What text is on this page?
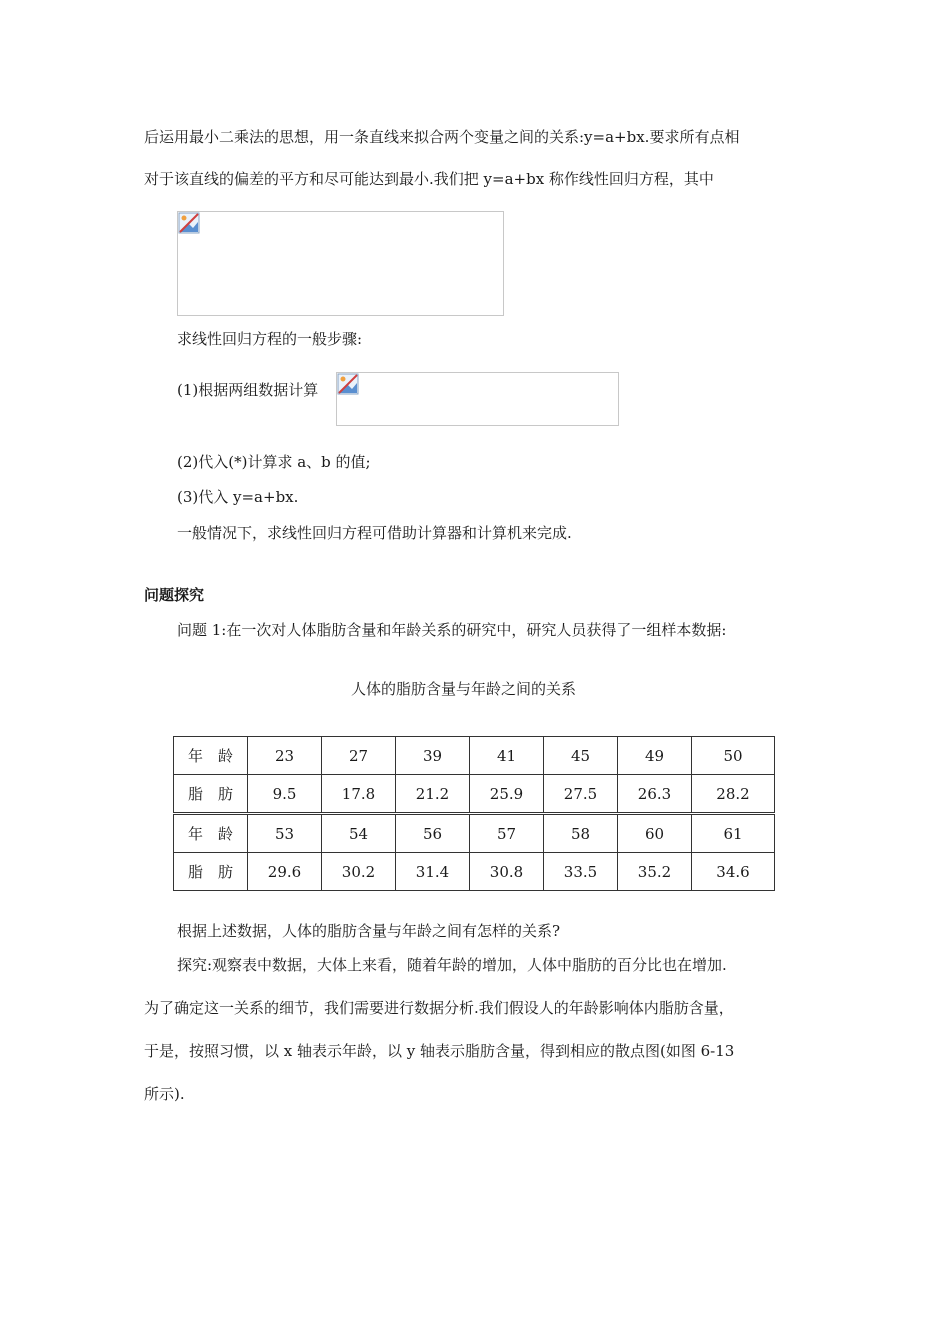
后运用最小二乘法的思想，用一条直线来拟合两个变量之间的关系:y=a+bx.要求所有点相
对于该直线的偏差的平方和尽可能达到最小.我们把 y=a+bx 称作线性回归方程，其中
求线性回归方程的一般步骤:
(1)根据两组数据计算
(2)代入(*)计算求 a、b 的值;
(3)代入 y=a+bx.
一般情况下，求线性回归方程可借助计算器和计算机来完成.
问题探究
问题 1:在一次对人体脂肪含量和年龄关系的研究中，研究人员获得了一组样本数据:
人体的脂肪含量与年龄之间的关系
年　龄	23	27	39	41	45	49	50
脂　肪	9.5	17.8	21.2	25.9	27.5	26.3	28.2
年　龄	53	54	56	57	58	60	61
脂　肪	29.6	30.2	31.4	30.8	33.5	35.2	34.6
根据上述数据，人体的脂肪含量与年龄之间有怎样的关系?
探究:观察表中数据，大体上来看，随着年龄的增加，人体中脂肪的百分比也在增加.
为了确定这一关系的细节，我们需要进行数据分析.我们假设人的年龄影响体内脂肪含量，
于是，按照习惯，以 x 轴表示年龄，以 y 轴表示脂肪含量，得到相应的散点图(如图 6-13
所示).
